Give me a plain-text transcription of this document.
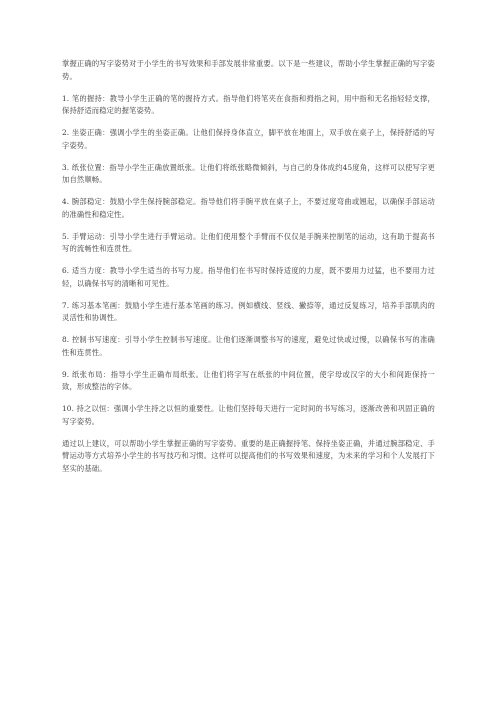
掌握正确的写字姿势对于小学生的书写效果和手部发展非常重要。以下是一些建议，帮助小学生掌握正确的写字姿势。

1. 笔的握持：教导小学生正确的笔的握持方式。指导他们将笔夹在食指和拇指之间，用中指和无名指轻轻支撑，保持舒适而稳定的握笔姿势。

2. 坐姿正确：强调小学生的坐姿正确。让他们保持身体直立，脚平放在地面上，双手放在桌子上，保持舒适的写字姿势。

3. 纸张位置：指导小学生正确放置纸张。让他们将纸张略微倾斜，与自己的身体成约45度角，这样可以使写字更加自然顺畅。

4. 腕部稳定：鼓励小学生保持腕部稳定。指导他们将手腕平放在桌子上，不要过度弯曲或翘起，以确保手部运动的准确性和稳定性。

5. 手臂运动：引导小学生进行手臂运动。让他们使用整个手臂而不仅仅是手腕来控制笔的运动，这有助于提高书写的流畅性和连贯性。

6. 适当力度：教导小学生适当的书写力度。指导他们在书写时保持适度的力度，既不要用力过猛，也不要用力过轻，以确保书写的清晰和可见性。

7. 练习基本笔画：鼓励小学生进行基本笔画的练习。例如横线、竖线、撇捺等，通过反复练习，培养手部肌肉的灵活性和协调性。

8. 控制书写速度：引导小学生控制书写速度。让他们逐渐调整书写的速度，避免过快或过慢，以确保书写的准确性和连贯性。

9. 纸张布局：指导小学生正确布局纸张。让他们将字写在纸张的中间位置，使字母或汉字的大小和间距保持一致，形成整洁的字体。

10. 持之以恒：强调小学生持之以恒的重要性。让他们坚持每天进行一定时间的书写练习，逐渐改善和巩固正确的写字姿势。

通过以上建议，可以帮助小学生掌握正确的写字姿势。重要的是正确握持笔、保持坐姿正确，并通过腕部稳定、手臂运动等方式培养小学生的书写技巧和习惯。这样可以提高他们的书写效果和速度，为未来的学习和个人发展打下坚实的基础。
